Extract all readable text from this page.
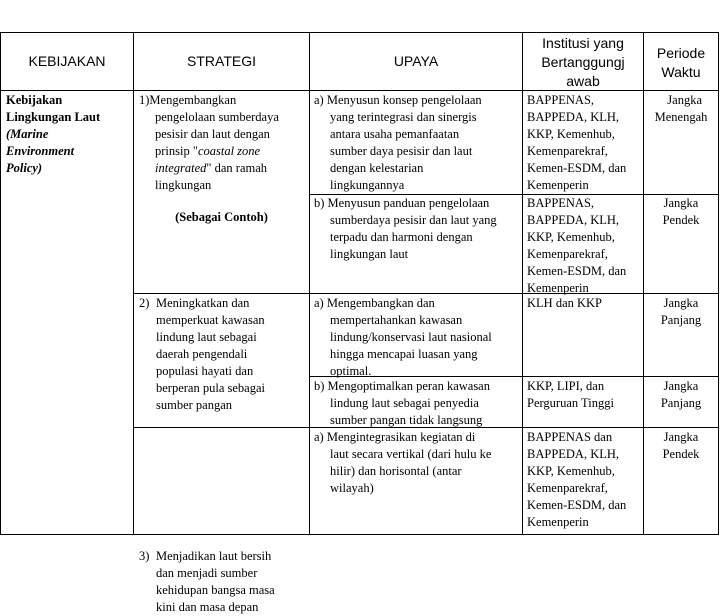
KEBIJAKAN	STRATEGI	UPAYA
Institusi yang
Bertanggungj
awab
Periode
Waktu
Kebijakan
Lingkungan Laut
(Marine
Environment
Policy)
1)Mengembangkan
pengelolaan sumberdaya
pesisir dan laut dengan
prinsip "coastal zone
integrated" dan ramah
lingkungan
(Sebagai Contoh)
2) Meningkatkan dan
memperkuat kawasan
lindung laut sebagai
daerah pengendali
populasi hayati dan
berperan pula sebagai
sumber pangan
3) Menjadikan laut bersih
dan menjadi sumber
kehidupan bangsa masa
kini dan masa depan
a) Menyusun konsep pengelolaan
yang terintegrasi dan sinergis
antara usaha pemanfaatan
sumber daya pesisir dan laut
dengan kelestarian
lingkungannya
b) Menyusun panduan pengelolaan
sumberdaya pesisir dan laut yang
terpadu dan harmoni dengan
lingkungan laut
a) Mengembangkan dan
mempertahankan kawasan
lindung/konservasi laut nasional
hingga mencapai luasan yang
optimal.
b) Mengoptimalkan peran kawasan
lindung laut sebagai penyedia
sumber pangan tidak langsung
a) Mengintegrasikan kegiatan di
laut secara vertikal (dari hulu ke
hilir) dan horisontal (antar
wilayah)
BAPPENAS,
BAPPEDA, KLH,
KKP, Kemenhub,
Kemenparekraf,
Kemen-ESDM, dan
Kemenperin
BAPPENAS,
BAPPEDA, KLH,
KKP, Kemenhub,
Kemenparekraf,
Kemen-ESDM, dan
Kemenperin
KLH dan KKP
KKP, LIPI, dan
Perguruan Tinggi
BAPPENAS dan
BAPPEDA, KLH,
KKP, Kemenhub,
Kemenparekraf,
Kemen-ESDM, dan
Kemenperin
Jangka
Menengah
Jangka
Pendek
Jangka
Panjang
Jangka
Panjang
Jangka
Pendek
